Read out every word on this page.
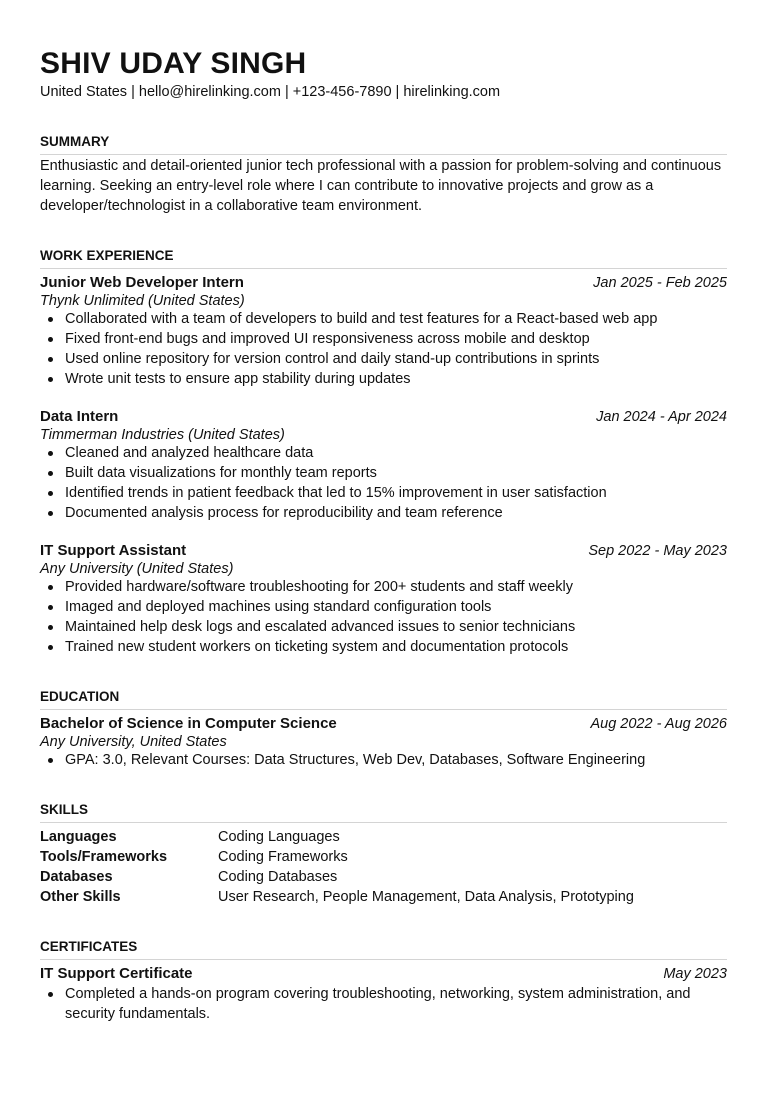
SHIV UDAY SINGH
United States | hello@hirelinking.com | +123-456-7890 | hirelinking.com
SUMMARY
Enthusiastic and detail-oriented junior tech professional with a passion for problem-solving and continuous learning. Seeking an entry-level role where I can contribute to innovative projects and grow as a developer/technologist in a collaborative team environment.
WORK EXPERIENCE
Junior Web Developer Intern	Jan 2025 - Feb 2025
Thynk Unlimited (United States)
Collaborated with a team of developers to build and test features for a React-based web app
Fixed front-end bugs and improved UI responsiveness across mobile and desktop
Used online repository for version control and daily stand-up contributions in sprints
Wrote unit tests to ensure app stability during updates
Data Intern	Jan 2024 - Apr 2024
Timmerman Industries (United States)
Cleaned and analyzed healthcare data
Built data visualizations for monthly team reports
Identified trends in patient feedback that led to 15% improvement in user satisfaction
Documented analysis process for reproducibility and team reference
IT Support Assistant	Sep 2022 - May 2023
Any University (United States)
Provided hardware/software troubleshooting for 200+ students and staff weekly
Imaged and deployed machines using standard configuration tools
Maintained help desk logs and escalated advanced issues to senior technicians
Trained new student workers on ticketing system and documentation protocols
EDUCATION
Bachelor of Science in Computer Science	Aug 2022 - Aug 2026
Any University, United States
GPA: 3.0, Relevant Courses: Data Structures, Web Dev, Databases, Software Engineering
SKILLS
Languages	Coding Languages
Tools/Frameworks	Coding Frameworks
Databases	Coding Databases
Other Skills	User Research, People Management, Data Analysis, Prototyping
CERTIFICATES
IT Support Certificate	May 2023
Completed a hands-on program covering troubleshooting, networking, system administration, and security fundamentals.
